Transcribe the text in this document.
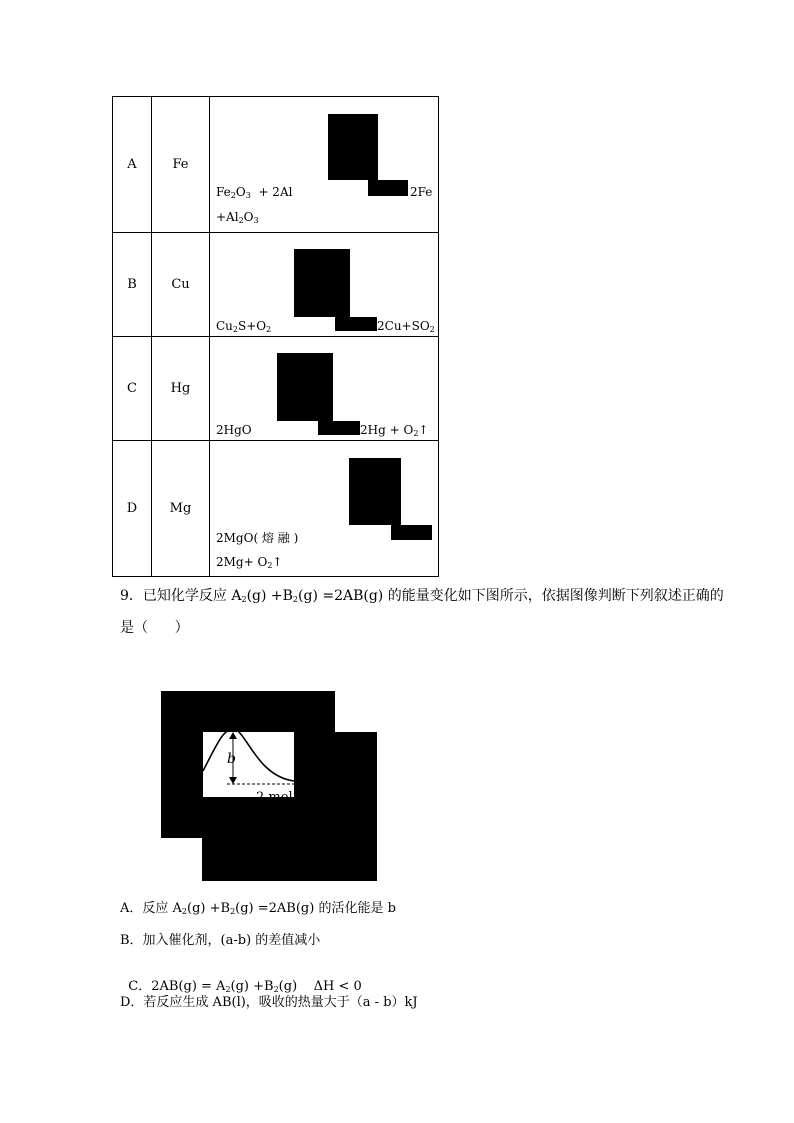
A	Fe	$Fe_2O_3 + 2Al$ 2Fe
$+Al_2O_3$

B	Cu	$Cu_2S+O_2$ $2Cu+SO_2$

C	Hg	2HgO $2Hg + O_2↑$

D	Mg	2MgO( 熔 融 )
$2Mg+ O_2↑$
9．已知化学反应 $A_2(g) +B_2(g) =2AB(g)$ 的能量变化如下图所示，依据图像判断下列叙述正确的
是（      ）
b
2 mol
A．反应 $A_2(g) +B_2(g) =2AB(g)$ 的活化能是 b
B．加入催化剂，(a-b) 的差值减小

C．$2AB(g) = A_2(g) +B_2(g)$    ΔH < 0

D．若反应生成 AB(l)，吸收的热量大于（a - b）kJ
